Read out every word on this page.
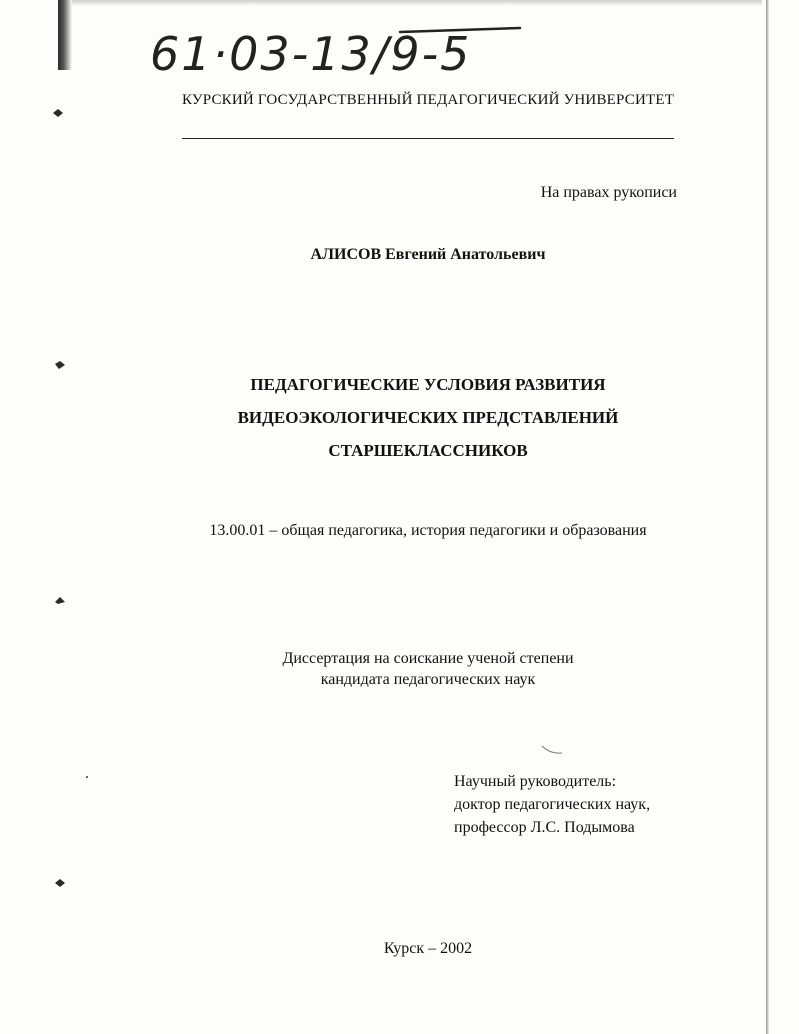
61·03-13/9-5
КУРСКИЙ ГОСУДАРСТВЕННЫЙ ПЕДАГОГИЧЕСКИЙ УНИВЕРСИТЕТ
На правах рукописи
АЛИСОВ Евгений Анатольевич
ПЕДАГОГИЧЕСКИЕ УСЛОВИЯ РАЗВИТИЯ
ВИДЕОЭКОЛОГИЧЕСКИХ ПРЕДСТАВЛЕНИЙ
СТАРШЕКЛАССНИКОВ
13.00.01 – общая педагогика, история педагогики и образования
Диссертация на соискание ученой степени
кандидата педагогических наук
Научный руководитель:
доктор педагогических наук,
профессор Л.С. Подымова
Курск – 2002
